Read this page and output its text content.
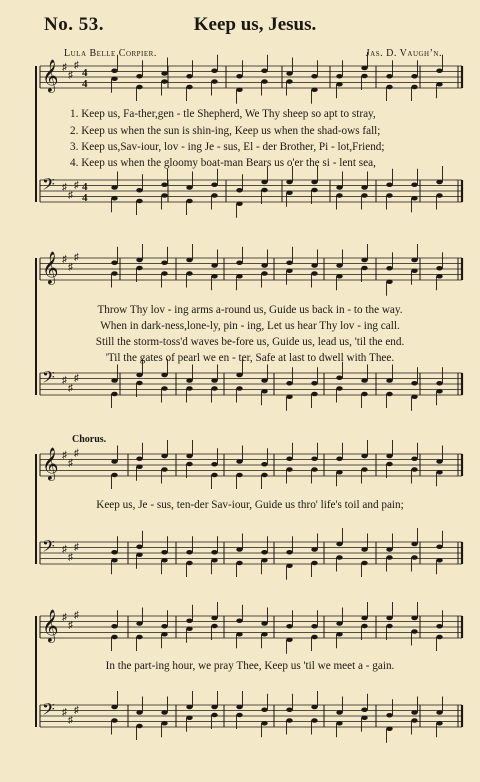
No. 53.	Keep us, Jesus.
Lula Belle Corpier.	Jas. D. Vaugh’n.
𝄞 ♯
♯
♯
4
4
𝄢 ♯
♯
♯ 4
4
𝄞 ♯
♯
♯
𝄢 ♯
♯
♯
𝄞 ♯
♯
♯
𝄢 ♯
♯
♯
𝄞 ♯
♯
♯
𝄢 ♯
♯
♯
1. Keep us, Fa-ther,gen - tle Shepherd, We Thy sheep so apt to stray,
2. Keep us when the sun is shin-ing, Keep us when the shad-ows fall;
3. Keep us,Sav-iour, lov - ing Je - sus, El - der Brother, Pi - lot,Friend;
4. Keep us when the gloomy boat-man Bears us o'er the si - lent sea,
Throw Thy lov - ing arms a-round us, Guide us back in - to the way.
When in dark-ness,lone-ly, pin - ing, Let us hear Thy lov - ing call.
Still the storm-toss'd waves be-fore us, Guide us, lead us, 'til the end.
'Til the gates of pearl we en - ter, Safe at last to dwell with Thee.
Chorus.
Keep us, Je - sus, ten-der Sav-iour, Guide us thro' life's toil and pain;
In the part-ing hour, we pray Thee, Keep us 'til we meet a - gain.
